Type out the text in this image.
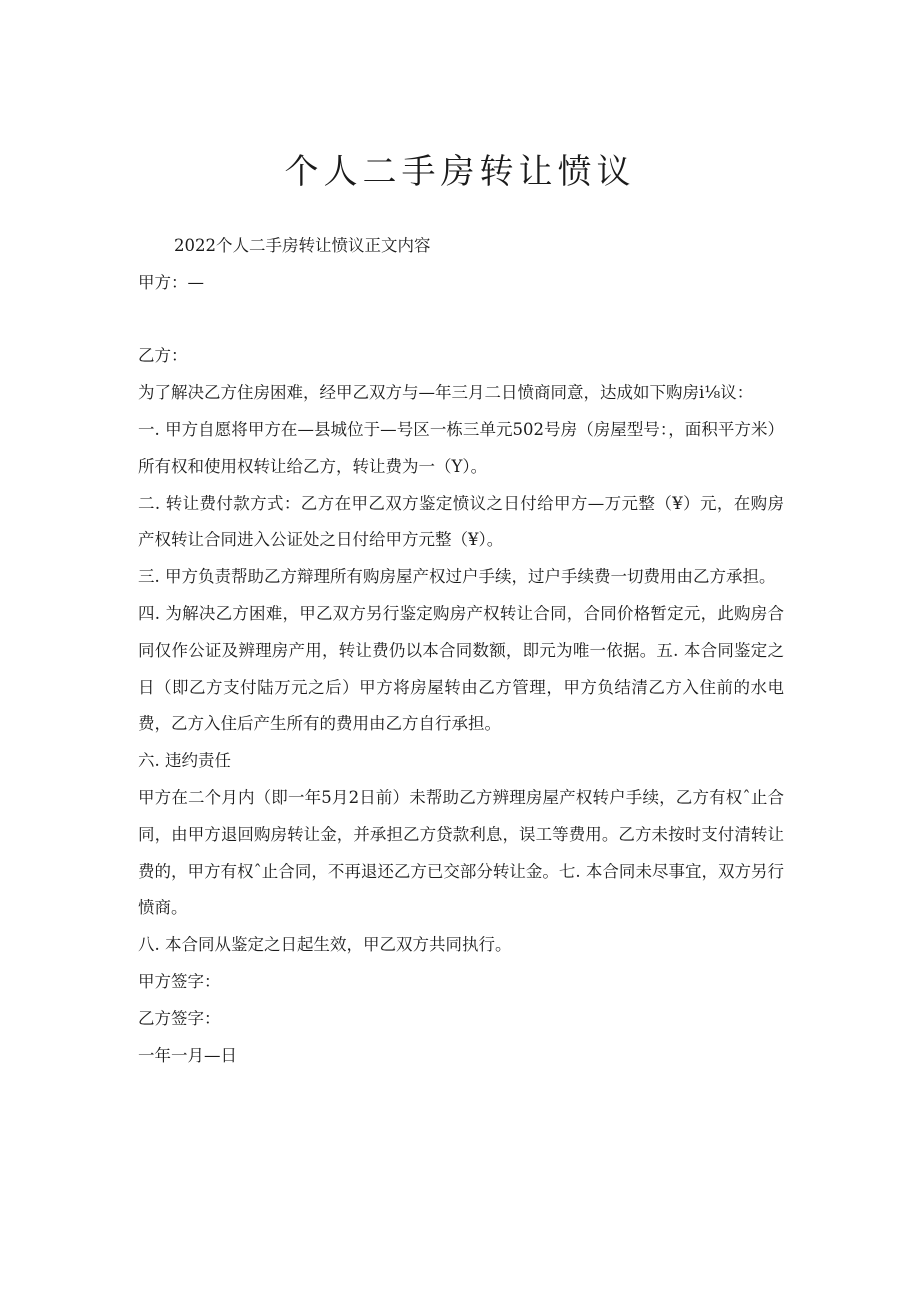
个人二手房转让愤议

2022个人二手房转让愤议正文内容

甲方：—

乙方：

为了解决乙方住房困难，经甲乙双方与—年三月二日愤商同意，达成如下购房i⅛议：

一. 甲方自愿将甲方在—县城位于—号区一栋三单元502号房（房屋型号：，面积平方米）所有权和使用权转让给乙方，转让费为一（Y）。

二. 转让费付款方式：乙方在甲乙双方鉴定愤议之日付给甲方—万元整（¥）元，在购房产权转让合同进入公证处之日付给甲方元整（¥）。

三. 甲方负责帮助乙方辩理所有购房屋产权过户手续，过户手续费一切费用由乙方承担。

四. 为解决乙方困难，甲乙双方另行鉴定购房产权转让合同，合同价格暂定元，此购房合同仅作公证及辨理房产用，转让费仍以本合同数额，即元为唯一依据。五. 本合同鉴定之日（即乙方支付陆万元之后）甲方将房屋转由乙方管理，甲方负结清乙方入住前的水电费，乙方入住后产生所有的费用由乙方自行承担。

六. 违约责任

甲方在二个月内（即一年5月2日前）未帮助乙方辨理房屋产权转户手续，乙方有权ˆ止合同，由甲方退回购房转让金，并承担乙方贷款利息，误工等费用。乙方未按时支付清转让费的，甲方有权ˆ止合同，不再退还乙方已交部分转让金。七. 本合同未尽事宜，双方另行愤商。

八. 本合同从鉴定之日起生效，甲乙双方共同执行。

甲方签字：

乙方签字：

一年一月—日
